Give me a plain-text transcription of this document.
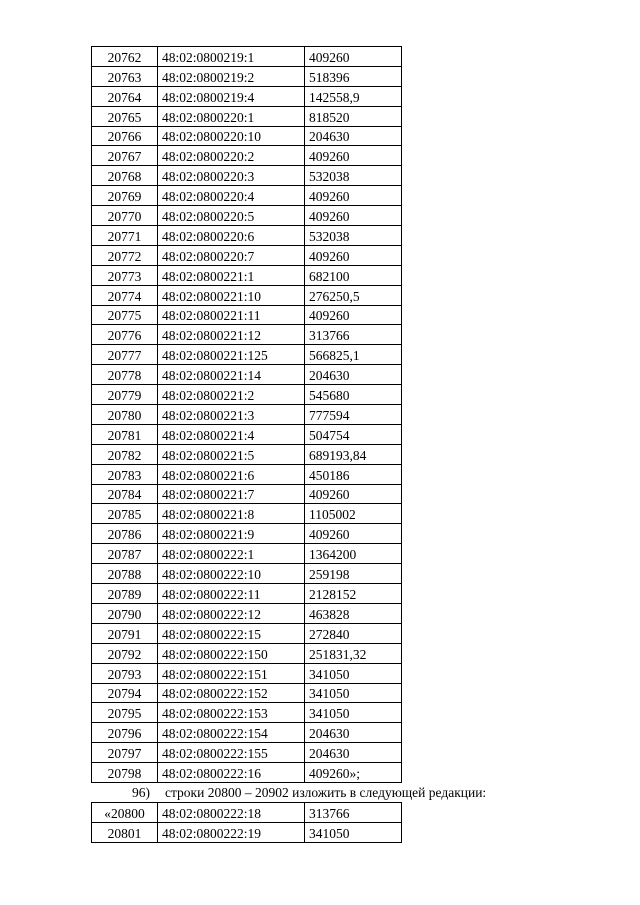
20762	48:02:0800219:1	409260
20763	48:02:0800219:2	518396
20764	48:02:0800219:4	142558,9
20765	48:02:0800220:1	818520
20766	48:02:0800220:10	204630
20767	48:02:0800220:2	409260
20768	48:02:0800220:3	532038
20769	48:02:0800220:4	409260
20770	48:02:0800220:5	409260
20771	48:02:0800220:6	532038
20772	48:02:0800220:7	409260
20773	48:02:0800221:1	682100
20774	48:02:0800221:10	276250,5
20775	48:02:0800221:11	409260
20776	48:02:0800221:12	313766
20777	48:02:0800221:125	566825,1
20778	48:02:0800221:14	204630
20779	48:02:0800221:2	545680
20780	48:02:0800221:3	777594
20781	48:02:0800221:4	504754
20782	48:02:0800221:5	689193,84
20783	48:02:0800221:6	450186
20784	48:02:0800221:7	409260
20785	48:02:0800221:8	1105002
20786	48:02:0800221:9	409260
20787	48:02:0800222:1	1364200
20788	48:02:0800222:10	259198
20789	48:02:0800222:11	2128152
20790	48:02:0800222:12	463828
20791	48:02:0800222:15	272840
20792	48:02:0800222:150	251831,32
20793	48:02:0800222:151	341050
20794	48:02:0800222:152	341050
20795	48:02:0800222:153	341050
20796	48:02:0800222:154	204630
20797	48:02:0800222:155	204630
20798	48:02:0800222:16	409260»;
96) строки 20800 – 20902 изложить в следующей редакции:
«20800	48:02:0800222:18	313766
20801	48:02:0800222:19	341050
